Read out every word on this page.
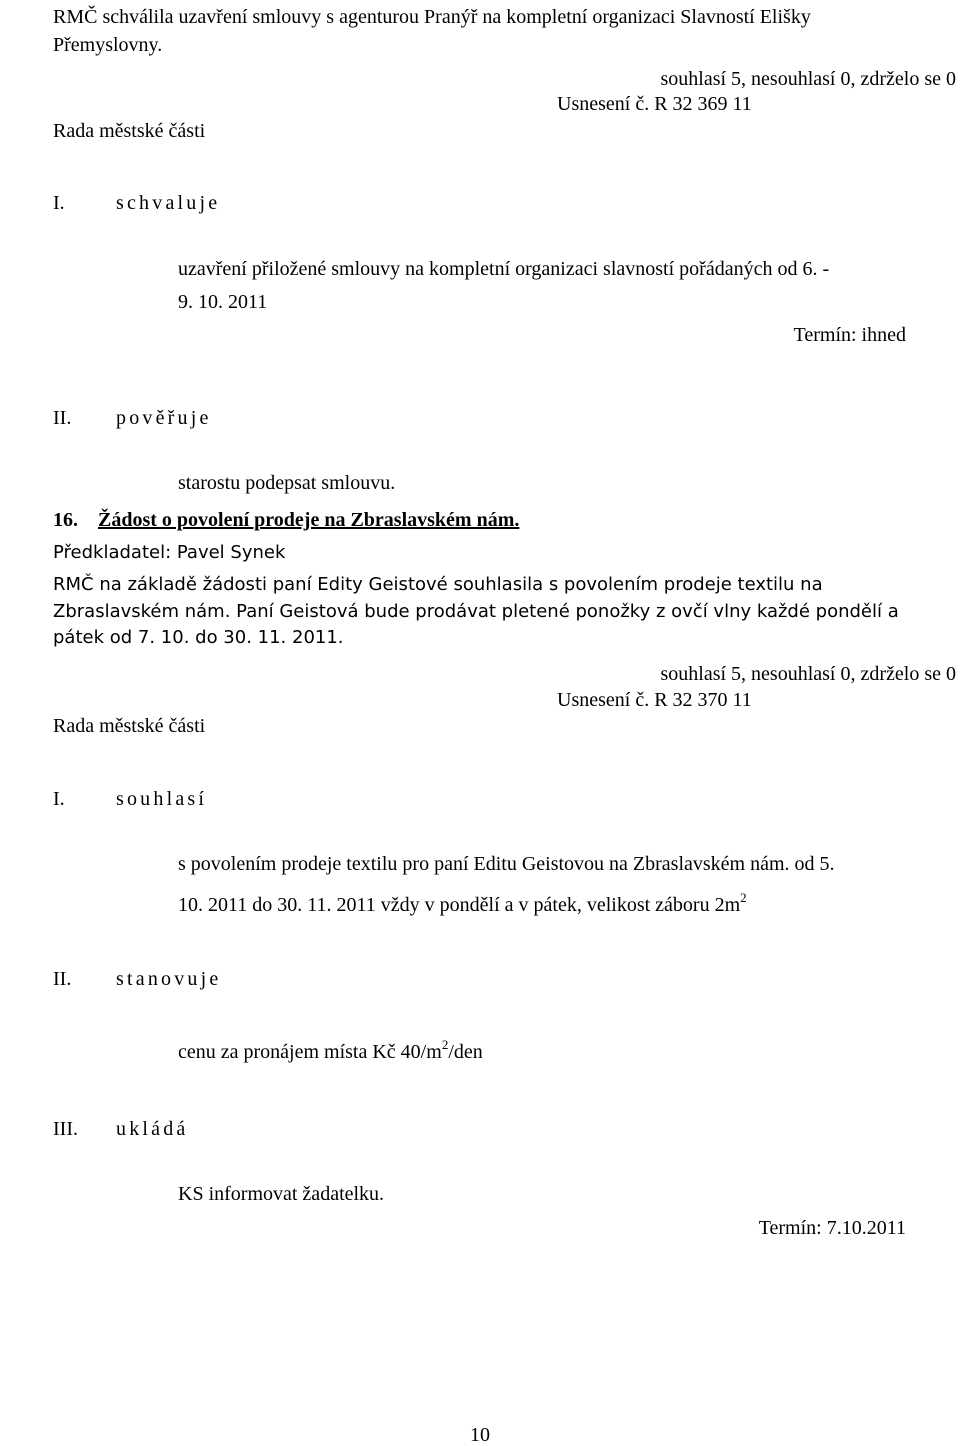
RMČ schválila uzavření smlouvy s agenturou Pranýř na kompletní organizaci Slavností Elišky
Přemyslovny.
souhlasí 5, nesouhlasí 0, zdrželo se 0
Usnesení č. R 32 369 11
Rada městské části
I.	schvaluje
uzavření přiložené smlouvy na kompletní organizaci slavností pořádaných od 6. -
9. 10. 2011
Termín: ihned
II. pověřuje
starostu podepsat smlouvu.
16. Žádost o povolení prodeje na Zbraslavském nám.
Předkladatel: Pavel Synek
RMČ na základě žádosti paní Edity Geistové souhlasila s povolením prodeje textilu na
Zbraslavském nám. Paní Geistová bude prodávat pletené ponožky z ovčí vlny každé pondělí a
pátek od 7. 10. do 30. 11. 2011.
souhlasí 5, nesouhlasí 0, zdrželo se 0
Usnesení č. R 32 370 11
Rada městské části
I.	souhlasí
s povolením prodeje textilu pro paní Editu Geistovou na Zbraslavském nám. od 5.
10. 2011 do 30. 11. 2011 vždy v pondělí a v pátek, velikost záboru $2m^2$
II. stanovuje
cenu za pronájem místa Kč $40/m^2$/den
III. ukládá
KS informovat žadatelku.
Termín: 7.10.2011
10
